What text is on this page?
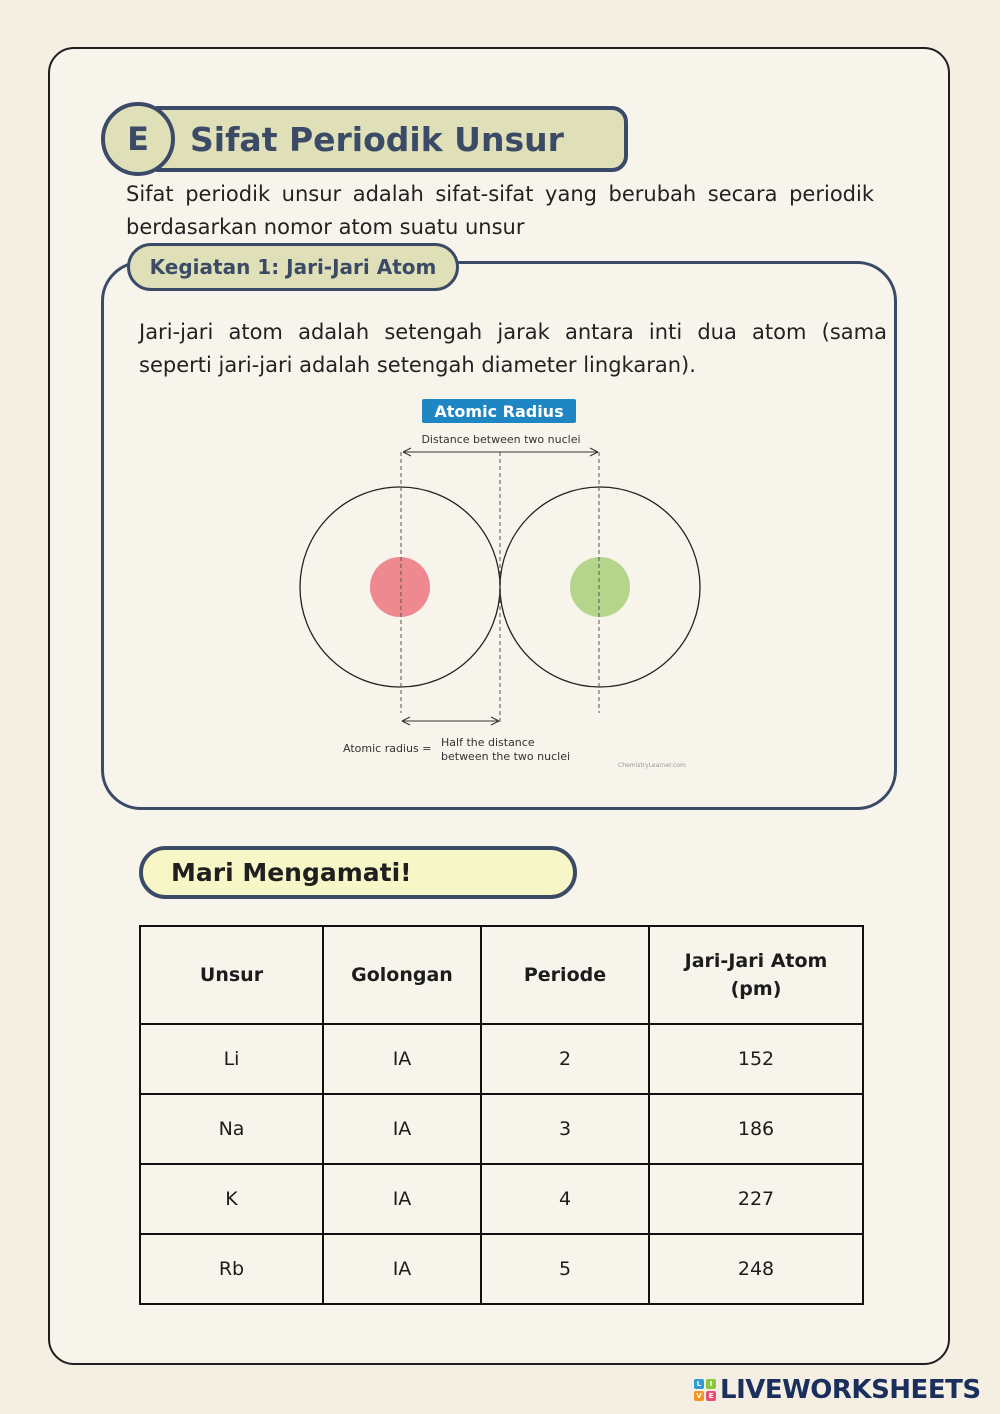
E	Sifat Periodik Unsur
Sifat periodik unsur adalah sifat-sifat yang berubah secara periodik berdasarkan nomor atom suatu unsur
Kegiatan 1: Jari-Jari Atom
Jari-jari atom adalah setengah jarak antara inti dua atom (sama seperti jari-jari adalah setengah diameter lingkaran).
Atomic Radius
Distance between two nuclei
Atomic radius = Half the distance
between the two nuclei
ChemistryLearner.com
Mari Mengamati!
Unsur	Golongan	Periode	Jari-Jari Atom
(pm)
Li	IA	2	152
Na	IA	3	186
K	IA	4	227
Rb	IA	5	248
L	I
V E LIVEWORKSHEETS
